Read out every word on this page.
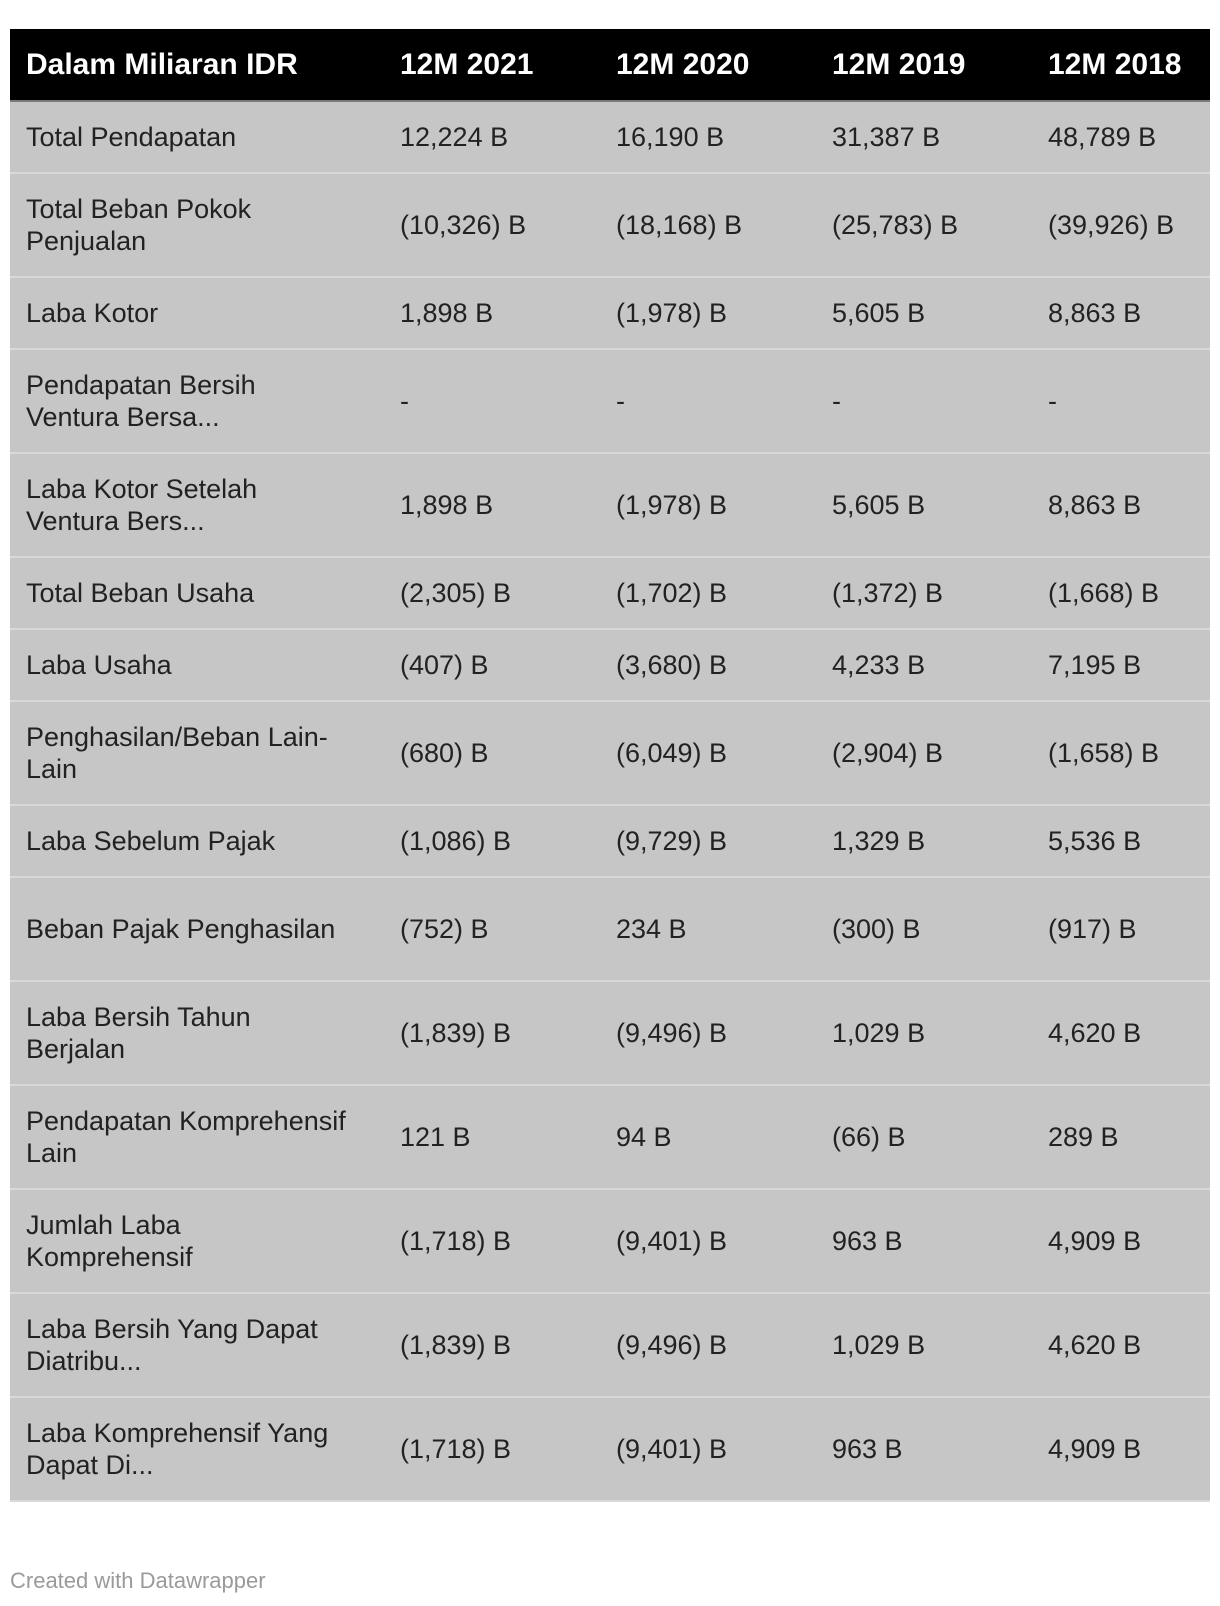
Dalam Miliaran IDR	12M 2021	12M 2020	12M 2019	12M 2018
Total Pendapatan	12,224 B	16,190 B	31,387 B	48,789 B
Total Beban Pokok Penjualan	(10,326) B	(18,168) B	(25,783) B	(39,926) B
Laba Kotor	1,898 B	(1,978) B	5,605 B	8,863 B
Pendapatan Bersih Ventura Bersa...	-	-	-	-
Laba Kotor Setelah Ventura Bers...	1,898 B	(1,978) B	5,605 B	8,863 B
Total Beban Usaha	(2,305) B	(1,702) B	(1,372) B	(1,668) B
Laba Usaha	(407) B	(3,680) B	4,233 B	7,195 B
Penghasilan/Beban Lain-Lain	(680) B	(6,049) B	(2,904) B	(1,658) B
Laba Sebelum Pajak	(1,086) B	(9,729) B	1,329 B	5,536 B
Beban Pajak Penghasilan	(752) B	234 B	(300) B	(917) B
Laba Bersih Tahun Berjalan	(1,839) B	(9,496) B	1,029 B	4,620 B
Pendapatan Komprehensif Lain	121 B	94 B	(66) B	289 B
Jumlah Laba Komprehensif	(1,718) B	(9,401) B	963 B	4,909 B
Laba Bersih Yang Dapat Diatribu...	(1,839) B	(9,496) B	1,029 B	4,620 B
Laba Komprehensif Yang Dapat Di...	(1,718) B	(9,401) B	963 B	4,909 B
Created with Datawrapper
